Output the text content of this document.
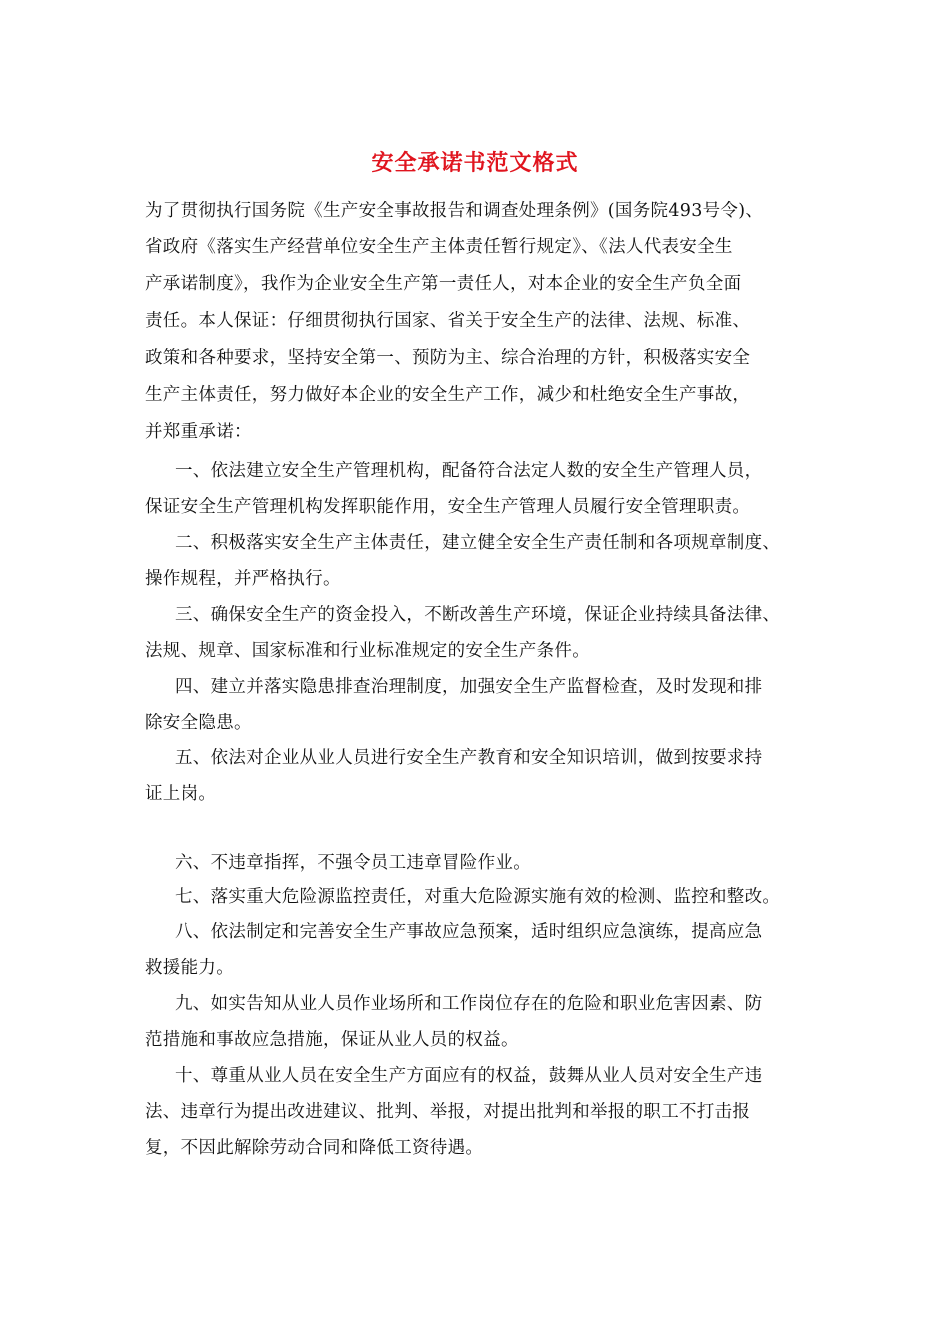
安全承诺书范文格式
为了贯彻执行国务院《生产安全事故报告和调查处理条例》(国务院493号令)、
省政府《落实生产经营单位安全生产主体责任暂行规定》、《法人代表安全生
产承诺制度》，我作为企业安全生产第一责任人，对本企业的安全生产负全面
责任。本人保证：仔细贯彻执行国家、省关于安全生产的法律、法规、标准、
政策和各种要求，坚持安全第一、预防为主、综合治理的方针，积极落实安全
生产主体责任，努力做好本企业的安全生产工作，减少和杜绝安全生产事故，
并郑重承诺：
一、依法建立安全生产管理机构，配备符合法定人数的安全生产管理人员，
保证安全生产管理机构发挥职能作用，安全生产管理人员履行安全管理职责。
二、积极落实安全生产主体责任，建立健全安全生产责任制和各项规章制度、
操作规程，并严格执行。
三、确保安全生产的资金投入，不断改善生产环境，保证企业持续具备法律、
法规、规章、国家标准和行业标准规定的安全生产条件。
四、建立并落实隐患排查治理制度，加强安全生产监督检查，及时发现和排
除安全隐患。
五、依法对企业从业人员进行安全生产教育和安全知识培训，做到按要求持
证上岗。
六、不违章指挥，不强令员工违章冒险作业。
七、落实重大危险源监控责任，对重大危险源实施有效的检测、监控和整改。
八、依法制定和完善安全生产事故应急预案，适时组织应急演练，提高应急
救援能力。
九、如实告知从业人员作业场所和工作岗位存在的危险和职业危害因素、防
范措施和事故应急措施，保证从业人员的权益。
十、尊重从业人员在安全生产方面应有的权益，鼓舞从业人员对安全生产违
法、违章行为提出改进建议、批判、举报，对提出批判和举报的职工不打击报
复，不因此解除劳动合同和降低工资待遇。
